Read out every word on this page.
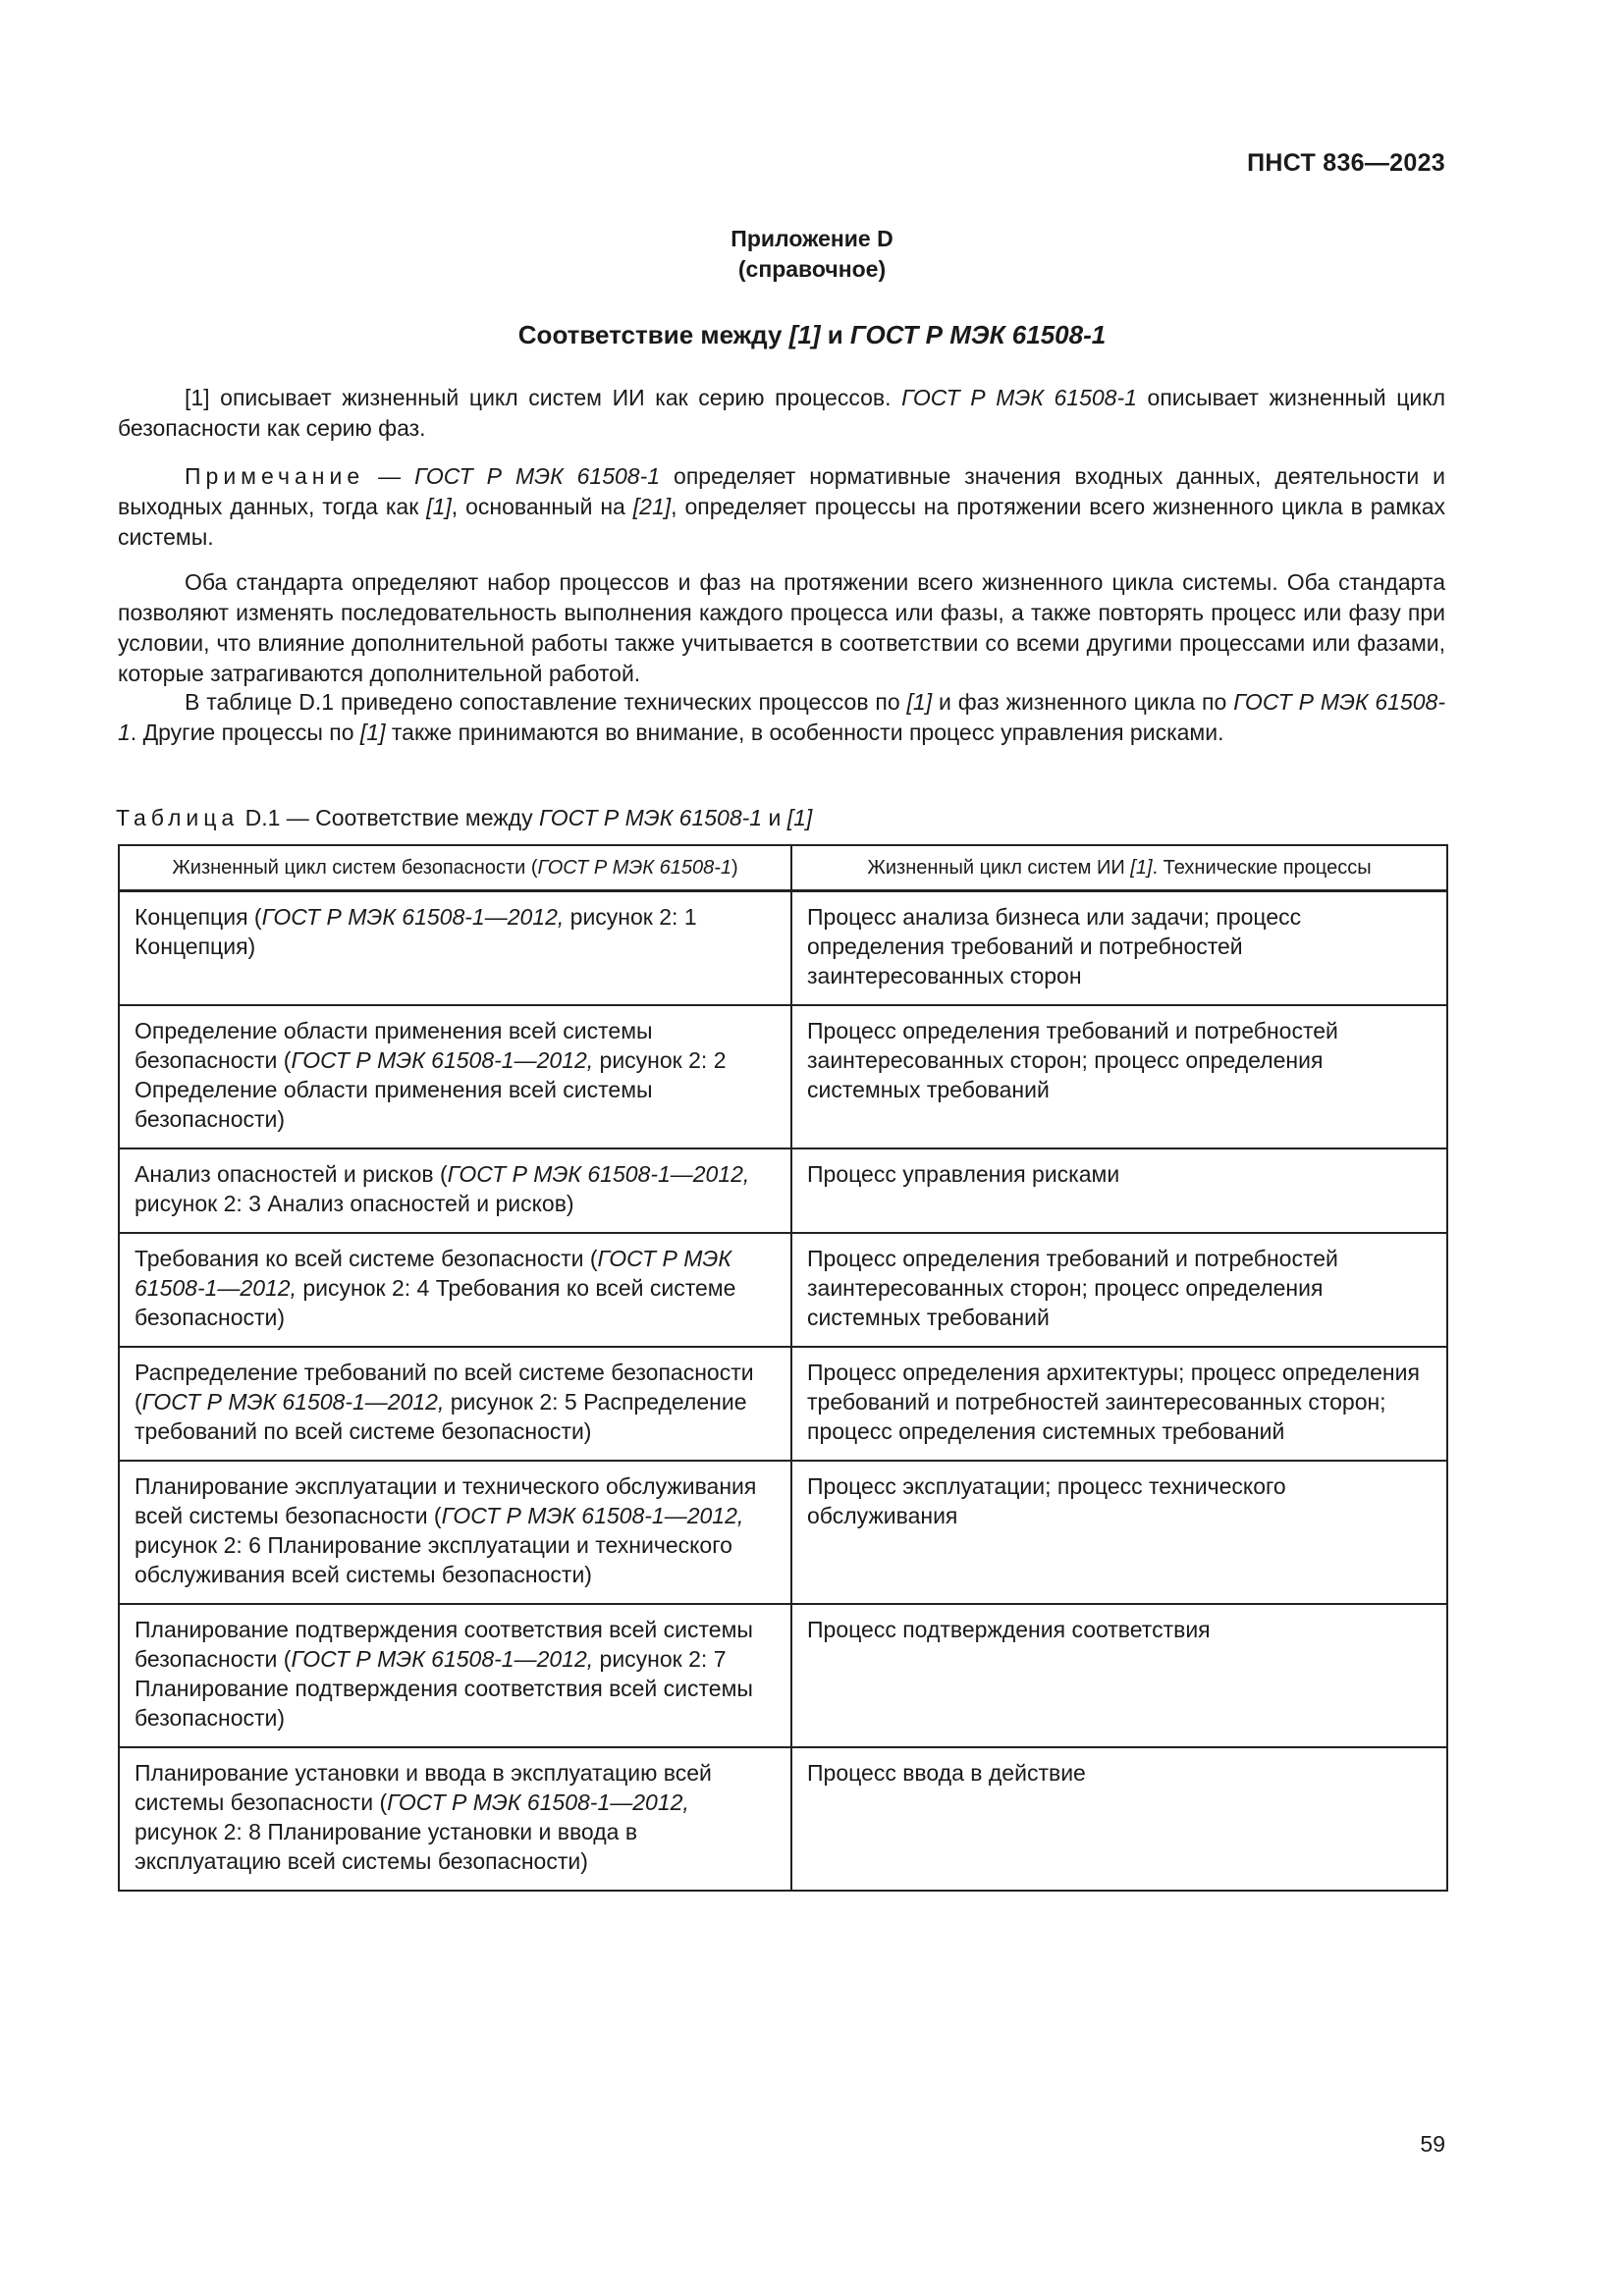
ПНСТ 836—2023
Приложение D
(справочное)
Соответствие между [1] и ГОСТ Р МЭК 61508-1
[1] описывает жизненный цикл систем ИИ как серию процессов. ГОСТ Р МЭК 61508-1 описывает жизненный цикл безопасности как серию фаз.
Примечание — ГОСТ Р МЭК 61508-1 определяет нормативные значения входных данных, деятельности и выходных данных, тогда как [1], основанный на [21], определяет процессы на протяжении всего жизненного цикла в рамках системы.
Оба стандарта определяют набор процессов и фаз на протяжении всего жизненного цикла системы. Оба стандарта позволяют изменять последовательность выполнения каждого процесса или фазы, а также повторять процесс или фазу при условии, что влияние дополнительной работы также учитывается в соответствии со всеми другими процессами или фазами, которые затрагиваются дополнительной работой.
В таблице D.1 приведено сопоставление технических процессов по [1] и фаз жизненного цикла по ГОСТ Р МЭК 61508-1. Другие процессы по [1] также принимаются во внимание, в особенности процесс управления рисками.
Таблица D.1 — Соответствие между ГОСТ Р МЭК 61508-1 и [1]
Жизненный цикл систем безопасности (ГОСТ Р МЭК 61508-1)	Жизненный цикл систем ИИ [1]. Технические процессы
Концепция (ГОСТ Р МЭК 61508-1—2012, рисунок 2: 1 Концепция)	Процесс анализа бизнеса или задачи; процесс определения требований и потребностей заинтересованных сторон
Определение области применения всей системы безопасности (ГОСТ Р МЭК 61508-1—2012, рисунок 2: 2 Определение области применения всей системы безопасности)	Процесс определения требований и потребностей заинтересованных сторон; процесс определения системных требований
Анализ опасностей и рисков (ГОСТ Р МЭК 61508-1—2012, рисунок 2: 3 Анализ опасностей и рисков)	Процесс управления рисками
Требования ко всей системе безопасности (ГОСТ Р МЭК 61508-1—2012, рисунок 2: 4 Требования ко всей системе безопасности)	Процесс определения требований и потребностей заинтересованных сторон; процесс определения системных требований
Распределение требований по всей системе безопасности (ГОСТ Р МЭК 61508-1—2012, рисунок 2: 5 Распределение требований по всей системе безопасности)	Процесс определения архитектуры; процесс определения требований и потребностей заинтересованных сторон; процесс определения системных требований
Планирование эксплуатации и технического обслуживания всей системы безопасности (ГОСТ Р МЭК 61508-1—2012, рисунок 2: 6 Планирование эксплуатации и технического обслуживания всей системы безопасности)	Процесс эксплуатации; процесс технического обслуживания
Планирование подтверждения соответствия всей системы безопасности (ГОСТ Р МЭК 61508-1—2012, рисунок 2: 7 Планирование подтверждения соответствия всей системы безопасности)	Процесс подтверждения соответствия
Планирование установки и ввода в эксплуатацию всей системы безопасности (ГОСТ Р МЭК 61508-1—2012, рисунок 2: 8 Планирование установки и ввода в эксплуатацию всей системы безопасности)	Процесс ввода в действие
59
